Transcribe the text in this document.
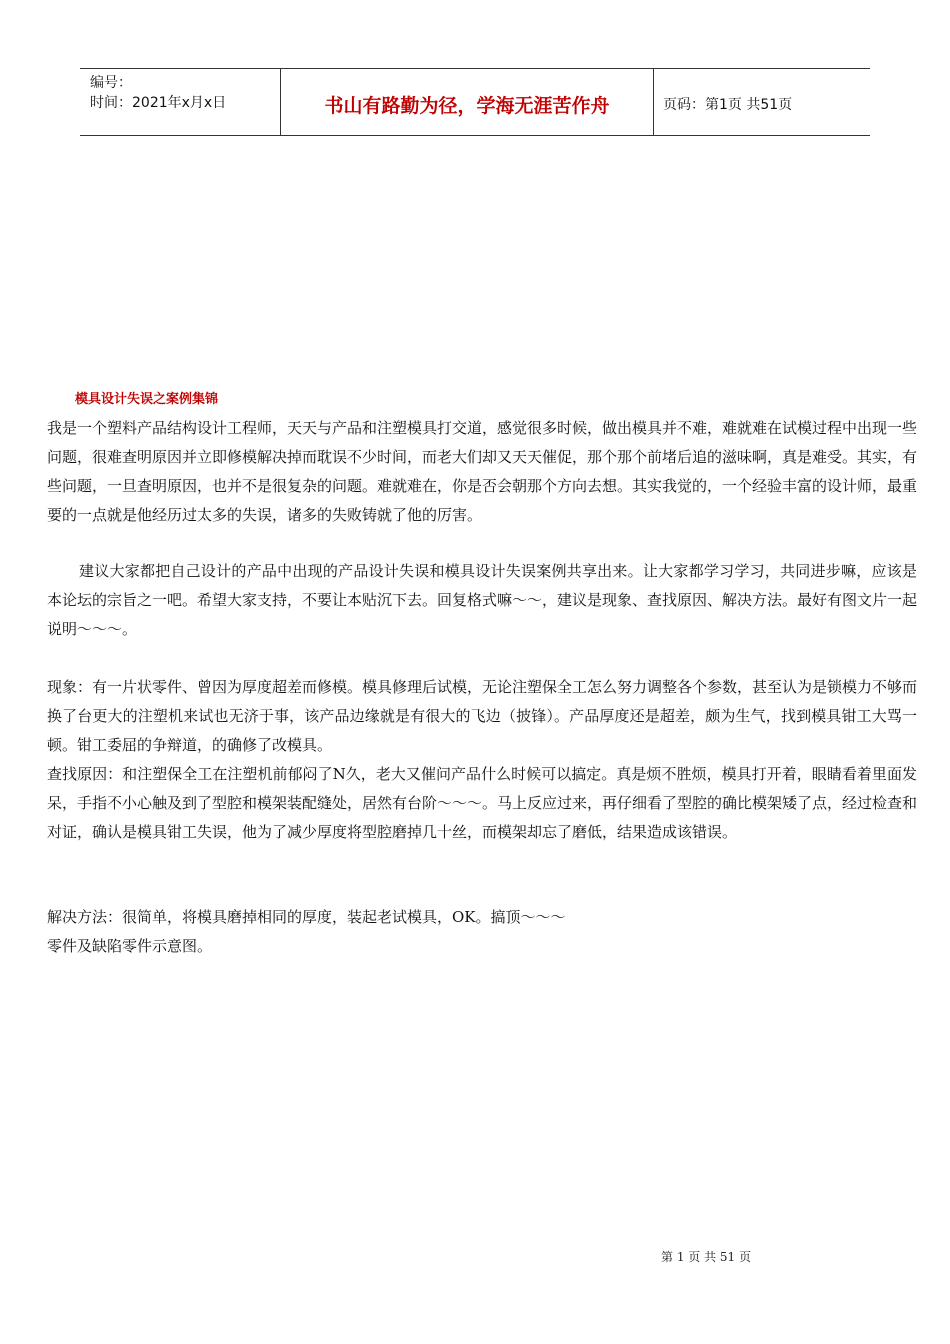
编号：
时间：2021年x月x日	书山有路勤为径，学海无涯苦作舟	页码：第1页 共51页
模具设计失误之案例集锦

我是一个塑料产品结构设计工程师，天天与产品和注塑模具打交道，感觉很多时候，做出模具并不难，难就难在试模过程中出现一些问题，很难查明原因并立即修模解决掉而耽误不少时间，而老大们却又天天催促，那个那个前堵后追的滋味啊，真是难受。其实，有些问题，一旦查明原因，也并不是很复杂的问题。难就难在，你是否会朝那个方向去想。其实我觉的，一个经验丰富的设计师，最重要的一点就是他经历过太多的失误，诸多的失败铸就了他的厉害。

建议大家都把自己设计的产品中出现的产品设计失误和模具设计失误案例共享出来。让大家都学习学习，共同进步嘛，应该是本论坛的宗旨之一吧。希望大家支持，不要让本贴沉下去。回复格式嘛～～，建议是现象、查找原因、解决方法。最好有图文片一起说明～～～。

现象：有一片状零件、曾因为厚度超差而修模。模具修理后试模，无论注塑保全工怎么努力调整各个参数，甚至认为是锁模力不够而换了台更大的注塑机来试也无济于事，该产品边缘就是有很大的飞边（披锋）。产品厚度还是超差，颇为生气，找到模具钳工大骂一顿。钳工委屈的争辩道，的确修了改模具。

查找原因：和注塑保全工在注塑机前郁闷了N久，老大又催问产品什么时候可以搞定。真是烦不胜烦，模具打开着，眼睛看着里面发呆，手指不小心触及到了型腔和模架装配缝处，居然有台阶～～～。马上反应过来，再仔细看了型腔的确比模架矮了点，经过检查和对证，确认是模具钳工失误，他为了减少厚度将型腔磨掉几十丝，而模架却忘了磨低，结果造成该错误。

解决方法：很简单，将模具磨掉相同的厚度，装起老试模具，OK。搞顶～～～

零件及缺陷零件示意图。

第 1 页 共 51 页
